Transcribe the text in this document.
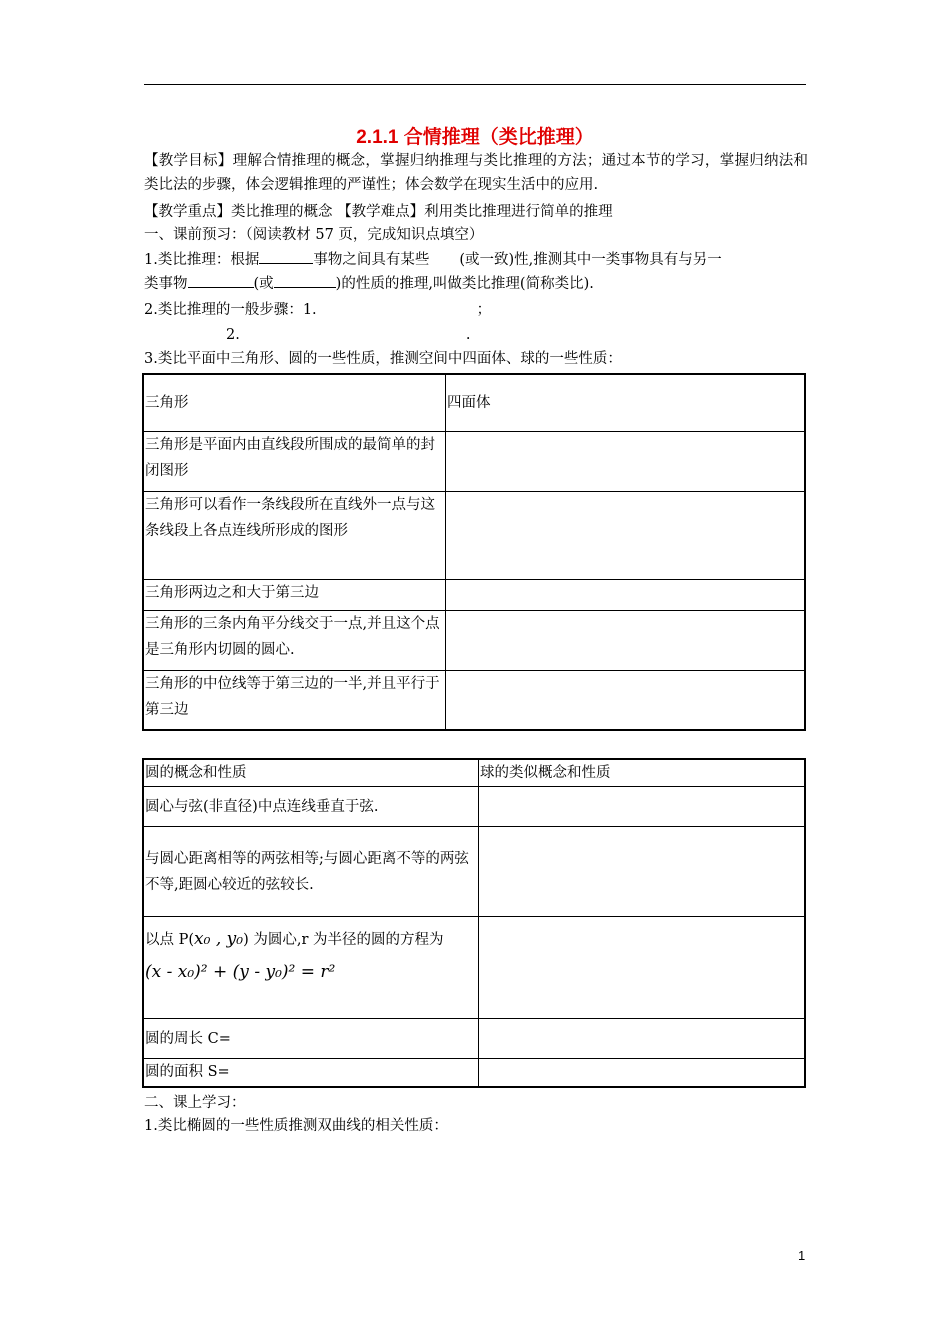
2.1.1 合情推理（类比推理）
【教学目标】理解合情推理的概念，掌握归纳推理与类比推理的方法；通过本节的学习，掌握归纳法和类比法的步骤，体会逻辑推理的严谨性；体会数学在现实生活中的应用.
【教学重点】类比推理的概念 【教学难点】利用类比推理进行简单的推理
一、课前预习：（阅读教材 57 页，完成知识点填空）
1.类比推理：根据	事物之间具有某些 (或一致)性,推测其中一类事物具有与另一
类事物	(或	)的性质的推理,叫做类比推理(简称类比).
2.类比推理的一般步骤：1.	；
2.	.
3.类比平面中三角形、圆的一些性质，推测空间中四面体、球的一些性质：
三角形	四面体
三角形是平面内由直线段所围成的最简单的封闭图形	
三角形可以看作一条线段所在直线外一点与这条线段上各点连线所形成的图形	
三角形两边之和大于第三边	
三角形的三条内角平分线交于一点,并且这个点是三角形内切圆的圆心.	
三角形的中位线等于第三边的一半,并且平行于第三边	
圆的概念和性质	球的类似概念和性质
圆心与弦(非直径)中点连线垂直于弦.	
与圆心距离相等的两弦相等;与圆心距离不等的两弦不等,距圆心较近的弦较长.	

以点 P(x₀ , y₀) 为圆心,r 为半径的圆的方程为
(x - x₀)² + (y - y₀)² = r²	

圆的周长 C=	
圆的面积 S=	
二、课上学习：
1.类比椭圆的一些性质推测双曲线的相关性质：
1
